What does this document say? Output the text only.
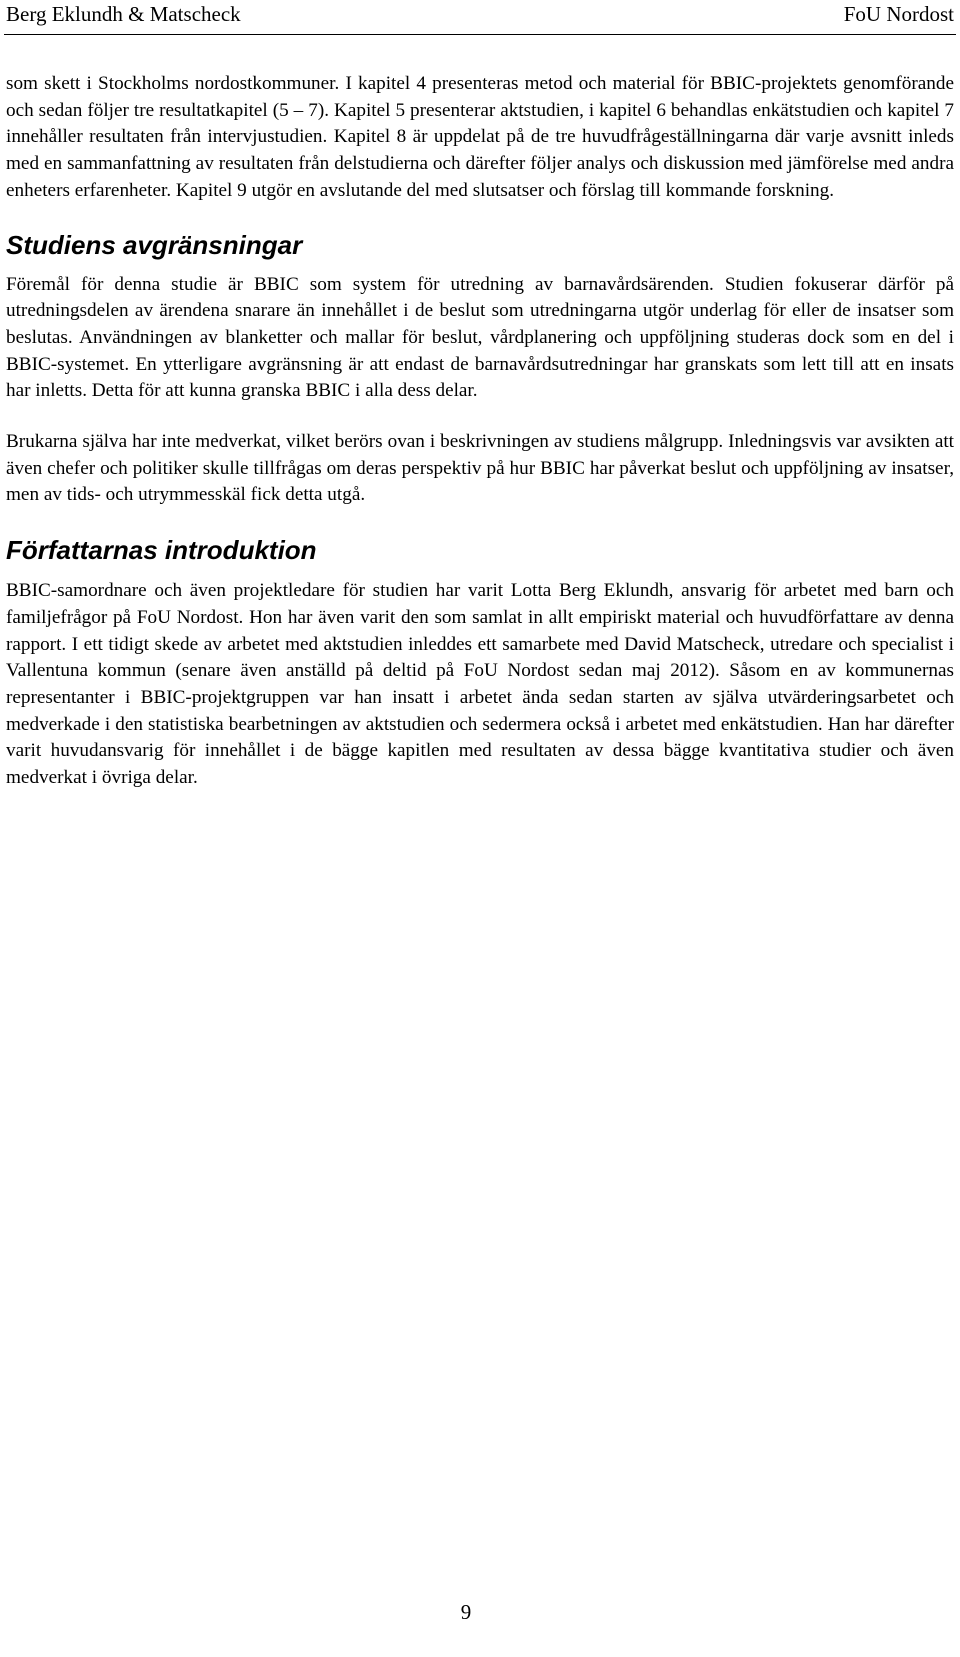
Berg Eklundh & Matscheck	FoU Nordost

som skett i Stockholms nordostkommuner. I kapitel 4 presenteras metod och material för BBIC-projektets genomförande och sedan följer tre resultatkapitel (5 – 7). Kapitel 5 presenterar aktstudien, i kapitel 6 behandlas enkätstudien och kapitel 7 innehåller resultaten från intervjustudien. Kapitel 8 är uppdelat på de tre huvudfrågeställningarna där varje avsnitt inleds med en sammanfattning av resultaten från delstudierna och därefter följer analys och diskussion med jämförelse med andra enheters erfarenheter. Kapitel 9 utgör en avslutande del med slutsatser och förslag till kommande forskning.

Studiens avgränsningar

Föremål för denna studie är BBIC som system för utredning av barnavårdsärenden. Studien fokuserar därför på utredningsdelen av ärendena snarare än innehållet i de beslut som utredningarna utgör underlag för eller de insatser som beslutas. Användningen av blanketter och mallar för beslut, vårdplanering och uppföljning studeras dock som en del i BBIC-systemet. En ytterligare avgränsning är att endast de barnavårdsutredningar har granskats som lett till att en insats har inletts. Detta för att kunna granska BBIC i alla dess delar.

Brukarna själva har inte medverkat, vilket berörs ovan i beskrivningen av studiens målgrupp. Inledningsvis var avsikten att även chefer och politiker skulle tillfrågas om deras perspektiv på hur BBIC har påverkat beslut och uppföljning av insatser, men av tids- och utrymmesskäl fick detta utgå.

Författarnas introduktion

BBIC-samordnare och även projektledare för studien har varit Lotta Berg Eklundh, ansvarig för arbetet med barn och familjefrågor på FoU Nordost. Hon har även varit den som samlat in allt empiriskt material och huvudförfattare av denna rapport. I ett tidigt skede av arbetet med aktstudien inleddes ett samarbete med David Matscheck, utredare och specialist i Vallentuna kommun (senare även anställd på deltid på FoU Nordost sedan maj 2012). Såsom en av kommunernas representanter i BBIC-projektgruppen var han insatt i arbetet ända sedan starten av själva utvärderingsarbetet och medverkade i den statistiska bearbetningen av aktstudien och sedermera också i arbetet med enkätstudien. Han har därefter varit huvudansvarig för innehållet i de bägge kapitlen med resultaten av dessa bägge kvantitativa studier och även medverkat i övriga delar.

9
